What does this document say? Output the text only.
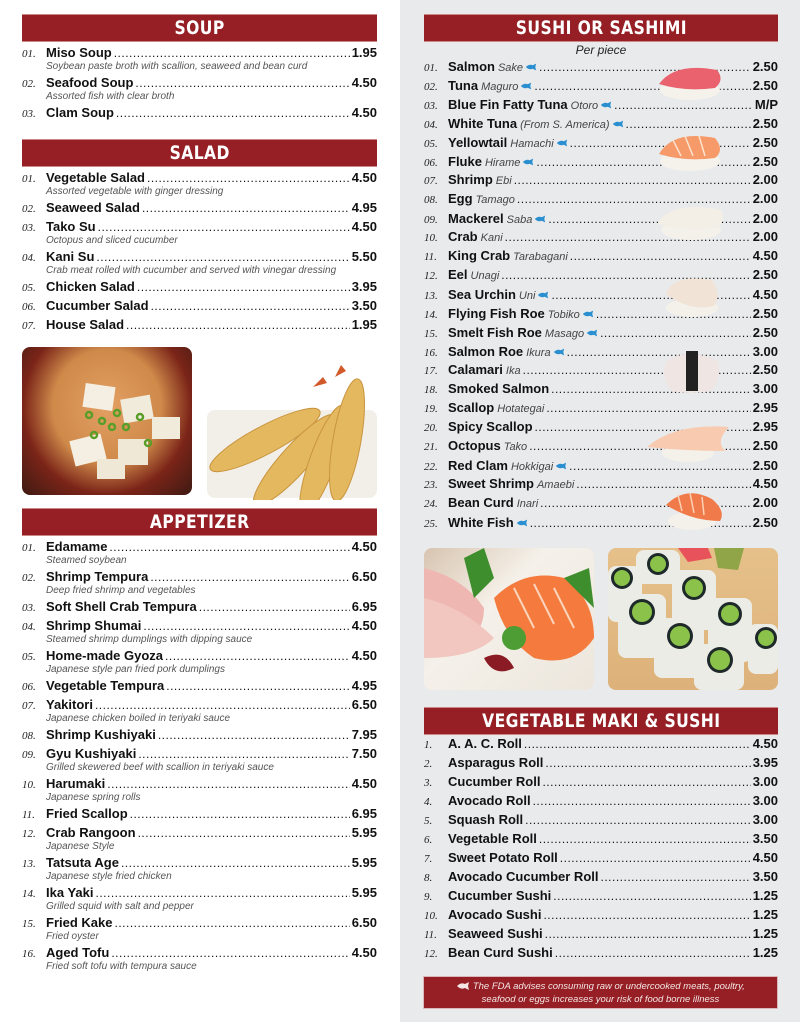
SOUP
01. Miso Soup .....	1.95
Soybean paste broth with scallion, seaweed and bean curd
02. Seafood Soup .....	4.50
Assorted fish with clear broth
03. Clam Soup .....	4.50
SALAD
01. Vegetable Salad .....	4.50
Assorted vegetable with ginger dressing
02. Seaweed Salad .....	4.95
03. Tako Su .....	4.50
Octopus and sliced cucumber
04. Kani Su .....	5.50
Crab meat rolled with cucumber and served with vinegar dressing
05. Chicken Salad .....	3.95
06. Cucumber Salad .....	3.50
07. House Salad .....	1.95
APPETIZER
01. Edamame .....	4.50
Steamed soybean
02. Shrimp Tempura .....	6.50
Deep fried shrimp and vegetables
03. Soft Shell Crab Tempura .....	6.95
04. Shrimp Shumai .....	4.50
Steamed shrimp dumplings with dipping sauce
05. Home-made Gyoza .....	4.50
Japanese style pan fried pork dumplings
06. Vegetable Tempura .....	4.95
07. Yakitori .....	6.50
Japanese chicken boiled in teriyaki sauce
08. Shrimp Kushiyaki .....	7.95
09. Gyu Kushiyaki .....	7.50
Grilled skewered beef with scallion in teriyaki sauce
10. Harumaki .....	4.50
Japanese spring rolls
11. Fried Scallop .....	6.95
12. Crab Rangoon .....	5.95
Japanese Style
13. Tatsuta Age .....	5.95
Japanese style fried chicken
14. Ika Yaki .....	5.95
Grilled squid with salt and pepper
15. Fried Kake .....	6.50
Fried oyster
16. Aged Tofu .....	4.50
Fried soft tofu with tempura sauce
SUSHI OR SASHIMI
Per piece
01. Salmon Sake .....	2.50
02. Tuna Maguro .....	2.50
03. Blue Fin Fatty Tuna Otoro .....	M/P
04. White Tuna (From S. America) .....	2.50
05. Yellowtail Hamachi .....	2.50
06. Fluke Hirame .....	2.50
07. Shrimp Ebi .....	2.00
08. Egg Tamago .....	2.00
09. Mackerel Saba .....	2.00
10. Crab Kani .....	2.00
11. King Crab Tarabagani .....	4.50
12. Eel Unagi .....	2.50
13. Sea Urchin Uni .....	4.50
14. Flying Fish Roe Tobiko .....	2.50
15. Smelt Fish Roe Masago .....	2.50
16. Salmon Roe Ikura .....	3.00
17. Calamari Ika .....	2.50
18. Smoked Salmon .....	3.00
19. Scallop Hotategai .....	2.95
20. Spicy Scallop .....	2.95
21. Octopus Tako .....	2.50
22. Red Clam Hokkigai .....	2.50
23. Sweet Shrimp Amaebi .....	4.50
24. Bean Curd Inari .....	2.00
25. White Fish .....	2.50
VEGETABLE MAKI & SUSHI
1.	A. A. C. Roll .....	4.50
2.	Asparagus Roll .....	3.95
3.	Cucumber Roll .....	3.00
4.	Avocado Roll .....	3.00
5.	Squash Roll .....	3.00
6.	Vegetable Roll .....	3.50
7.	Sweet Potato Roll .....	4.50
8.	Avocado Cucumber Roll .....	3.50
9.	Cucumber Sushi .....	1.25
10. Avocado Sushi .....	1.25
11. Seaweed Sushi .....	1.25
12. Bean Curd Sushi .....	1.25
The FDA advises consuming raw or undercooked meats, poultry,
seafood or eggs increases your risk of food borne illness
